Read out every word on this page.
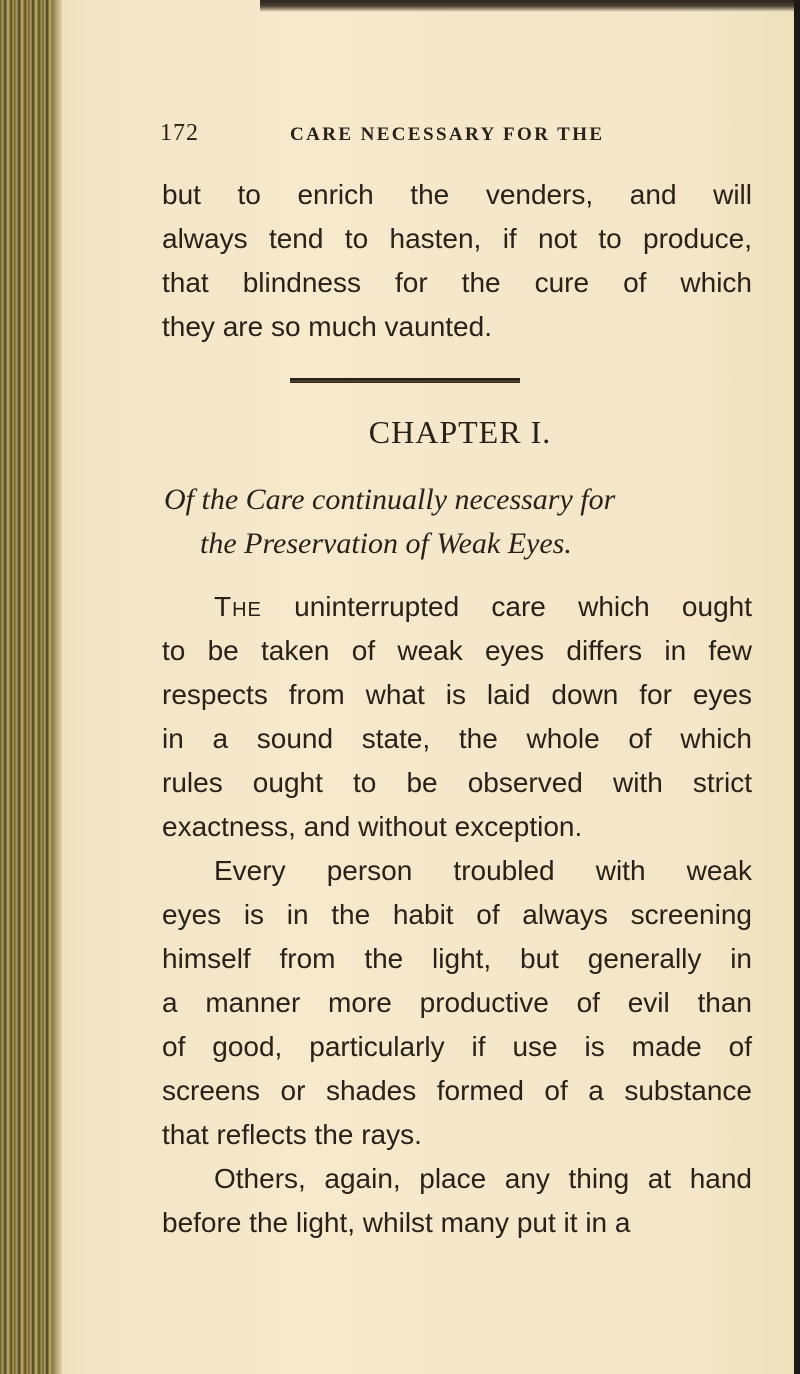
172	CARE NECESSARY FOR THE
but to enrich the venders, and will
always tend to hasten, if not to produce,
that blindness for the cure of which
they are so much vaunted.
CHAPTER I.
Of the Care continually necessary for
the Preservation of Weak Eyes.
The uninterrupted care which ought
to be taken of weak eyes differs in few
respects from what is laid down for eyes
in a sound state, the whole of which
rules ought to be observed with strict
exactness, and without exception.
Every person troubled with weak
eyes is in the habit of always screening
himself from the light, but generally in
a manner more productive of evil than
of good, particularly if use is made of
screens or shades formed of a substance
that reflects the rays.
Others, again, place any thing at hand
before the light, whilst many put it in a
